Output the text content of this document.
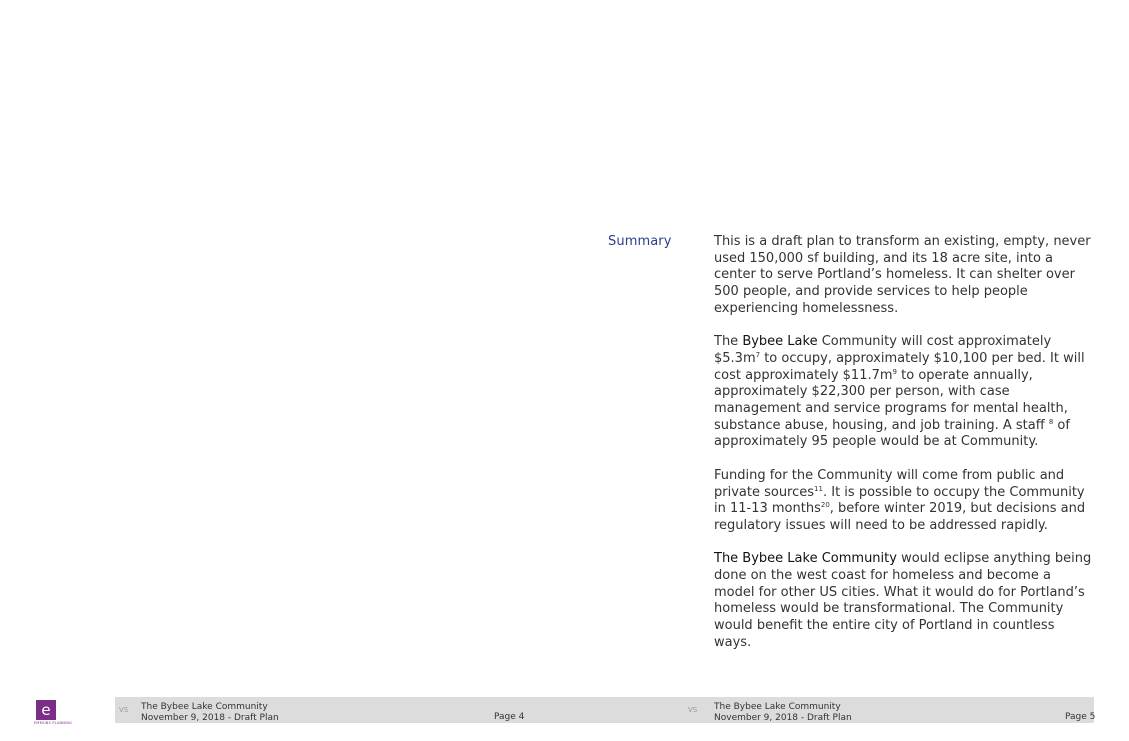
Summary	This is a draft plan to transform an existing, empty, never used 150,000 sf building, and its 18 acre site, into a center to serve Portland’s homeless. It can shelter over 500 people, and provide services to help people experiencing homelessness.

The Bybee Lake Community will cost approximately $\$5.3m^7$ to occupy, approximately $10,100 per bed. It will cost approximately $\$11.7m^9$ to operate annually, approximately $22,300 per person, with case management and service programs for mental health, substance abuse, housing, and job training. A staff $^8$ of approximately 95 people would be at Community.

Funding for the Community will come from public and private sources$^{11}$. It is possible to occupy the Community in 11-13 months$^{20}$, before winter 2019, but decisions and regulatory issues will need to be addressed rapidly.

The Bybee Lake Community would eclipse anything being done on the west coast for homeless and become a model for other US cities. What it would do for Portland’s homeless would be transformational. The Community would benefit the entire city of Portland in countless ways.

e
EMMONS PLANNING
VS The Bybee Lake Community
November 9, 2018 - Draft Plan	Page 4
VS The Bybee Lake Community
November 9, 2018 - Draft Plan	Page 5
